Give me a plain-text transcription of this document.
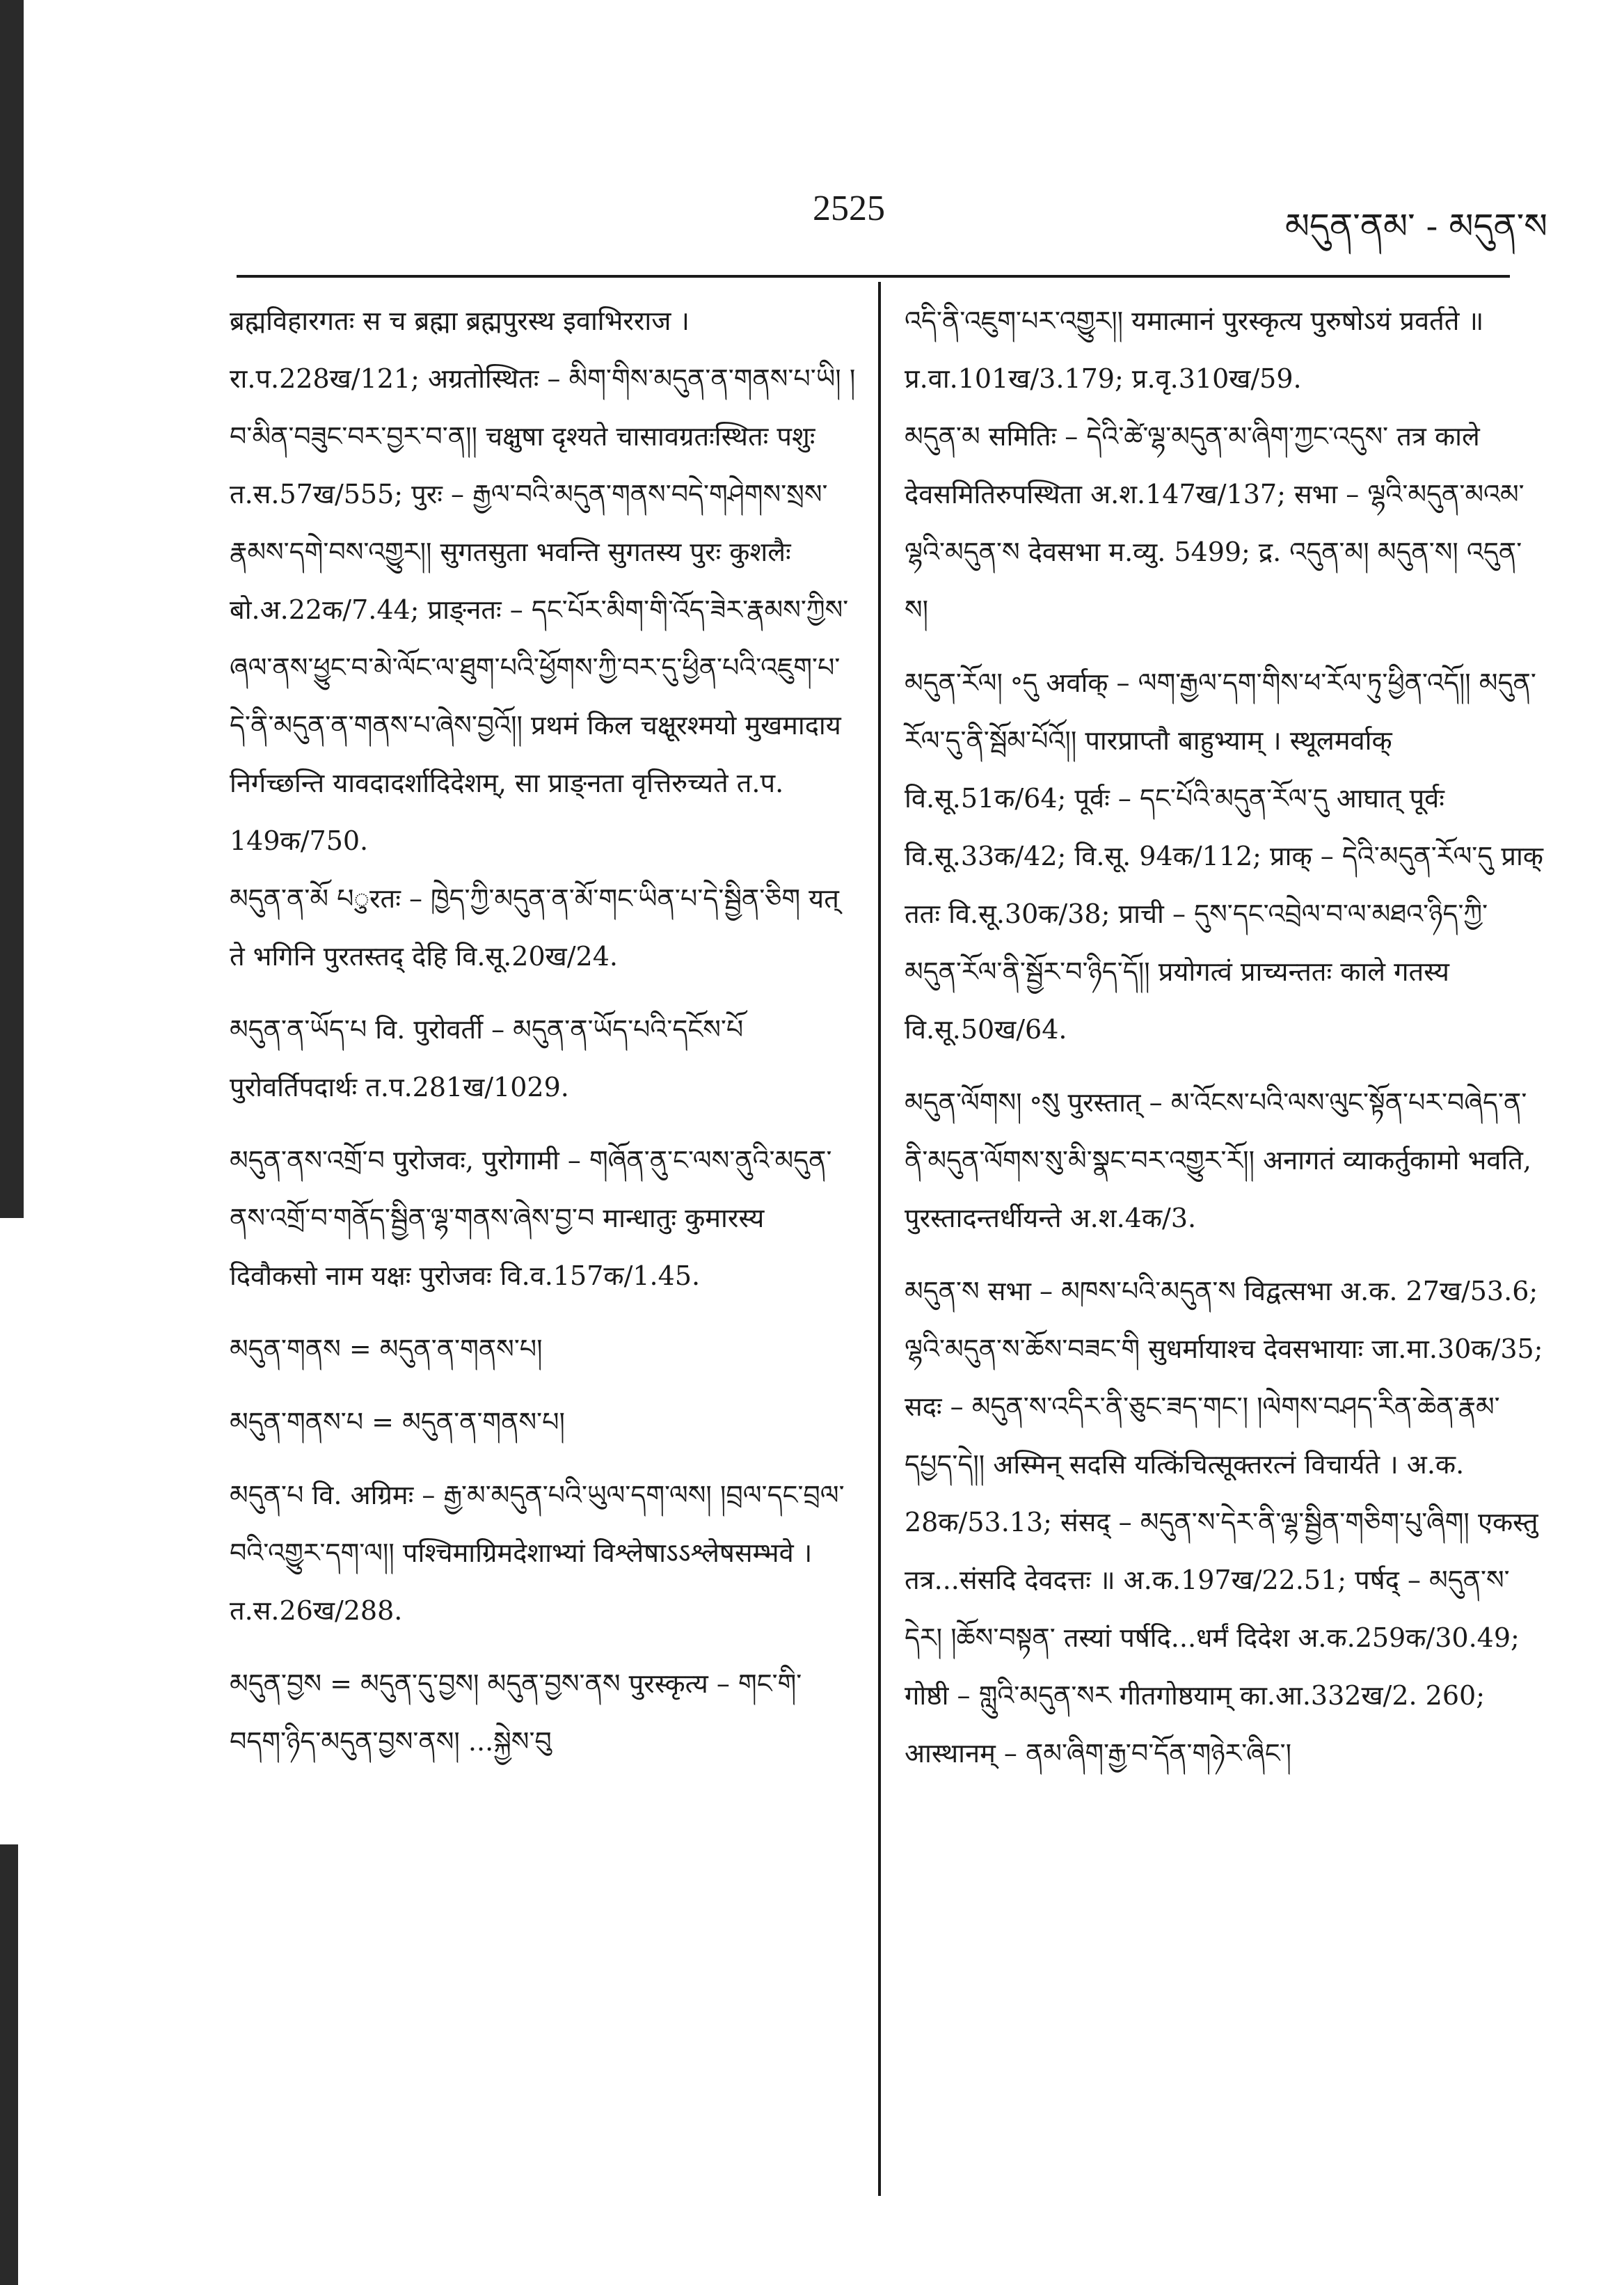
2525	མདུན་ནམ་ - མདུན་ས

ब्रह्मविहारगतः स च ब्रह्मा ब्रह्मपुरस्थ इवाभिरराज । रा.प.228ख/121; अग्रतोस्थितः – མིག་གིས་མདུན་ན་གནས་པ་ཡི། །བ་མིན་བཟུང་བར་བྱར་བ་ན།། चक्षुषा दृश्यते चासावग्रतःस्थितः पशुः त.स.57ख/555; पुरः – རྒྱལ་བའི་མདུན་གནས་བདེ་གཤེགས་སྲས་རྣམས་དགེ་བས་འགྱུར།། सुगतसुता भवन्ति सुगतस्य पुरः कुशलैः बो.अ.22क/7.44; प्राङ्नतः – དང་པོར་མིག་གི་འོད་ཟེར་རྣམས་ཀྱིས་ཞལ་ནས་ཕྱུང་བ་མེ་ལོང་ལ་ཐུག་པའི་ཕྱོགས་ཀྱི་བར་དུ་ཕྱིན་པའི་འཇུག་པ་དེ་ནི་མདུན་ན་གནས་པ་ཞེས་བྱའོ།། प्रथमं किल चक्षूरश्मयो मुखमादाय निर्गच्छन्ति यावदादर्शादिदेशम्, सा प्राङ्नता वृत्तिरुच्यते त.प. 149क/750.

མདུན་ན་མོ པुरतः – ཁྱེད་ཀྱི་མདུན་ན་མོ་གང་ཡིན་པ་དེ་སྦྱིན་ཅིག यत् ते भगिनि पुरतस्तद् देहि वि.सू.20ख/24.

མདུན་ན་ཡོད་པ वि. पुरोवर्ती – མདུན་ན་ཡོད་པའི་དངོས་པོ पुरोवर्तिपदार्थः त.प.281ख/1029.

མདུན་ནས་འགྲོ་བ पुरोजवः, पुरोगामी – གཞོན་ནུ་ང་ལས་ནུའི་མདུན་ནས་འགྲོ་བ་གནོད་སྦྱིན་ལྷ་གནས་ཞེས་བྱ་བ मान्धातुः कुमारस्य दिवौकसो नाम यक्षः पुरोजवः वि.व.157क/1.45.

མདུན་གནས = མདུན་ན་གནས་པ།

མདུན་གནས་པ = མདུན་ན་གནས་པ།

མདུན་པ वि. अग्रिमः – རྒྱ་མ་མདུན་པའི་ཡུལ་དག་ལས། །བྲལ་དང་བྲལ་བའི་འགྱུར་དག་ལ།། पश्चिमाग्रिमदेशाभ्यां विश्लेषाऽऽश्लेषसम्भवे । त.स.26ख/288.

མདུན་བྱས = མདུན་དུ་བྱས། མདུན་བྱས་ནས पुरस्कृत्य – གང་གི་བདག་ཉིད་མདུན་བྱས་ནས། ...སྐྱེས་བུ

འདི་ནི་འཇུག་པར་འགྱུར།། यमात्मानं पुरस्कृत्य पुरुषोऽयं प्रवर्तते ॥ प्र.वा.101ख/3.179; प्र.वृ.310ख/59.

མདུན་མ समितिः – དེའི་ཚེ་ལྷ་མདུན་མ་ཞིག་ཀྱང་འདུས་ तत्र काले देवसमितिरुपस्थिता अ.श.147ख/137; सभा – ལྷའི་མདུན་མའམ་ལྷའི་མདུན་ས देवसभा म.व्यु. 5499; द्र. འདུན་མ། མདུན་ས། འདུན་ས།

མདུན་རོལ། ॰དུ अर्वाक् – ལག་རྒྱལ་དག་གིས་ཕ་རོལ་ཏུ་ཕྱིན་འདོ།། མདུན་རོལ་དུ་ནི་སྦོམ་པོའོ།། पारप्राप्तौ बाहुभ्याम् । स्थूलमर्वाक् वि.सू.51क/64; पूर्वः – དང་པོའི་མདུན་རོལ་དུ आघात् पूर्वः वि.सू.33क/42; वि.सू. 94क/112; प्राक् – དེའི་མདུན་རོལ་དུ प्राक् ततः वि.सू.30क/38; प्राची – དུས་དང་འབྲེལ་བ་ལ་མཐའ་ཉིད་ཀྱི་མདུན་རོལ་ནི་སྦྱོར་བ་ཉིད་དོ།། प्रयोगत्वं प्राच्यन्ततः काले गतस्य वि.सू.50ख/64.

མདུན་ལོགས། ॰སུ पुरस्तात् – མ་འོངས་པའི་ལས་ལུང་སྟོན་པར་བཞེད་ན་ནི་མདུན་ལོགས་སུ་མི་སྣང་བར་འགྱུར་རོ།། अनागतं व्याकर्तुकामो भवति, पुरस्तादन्तर्धीयन्ते अ.श.4क/3.

མདུན་ས सभा – མཁས་པའི་མདུན་ས विद्वत्सभा अ.क. 27ख/53.6; ལྷའི་མདུན་ས་ཆོས་བཟང་གི सुधर्मायाश्च देवसभायाः जा.मा.30क/35; सदः – མདུན་ས་འདིར་ནི་ཅུང་ཟད་གང་། །ལེགས་བཤད་རིན་ཆེན་རྣམ་དཔྱད་དེ།། अस्मिन् सदसि यत्किंचित्सूक्तरत्नं विचार्यते । अ.क. 28क/53.13; संसद् – མདུན་ས་དེར་ནི་ལྷ་སྦྱིན་གཅིག་པུ་ཞིག། एकस्तु तत्र...संसदि देवदत्तः ॥ अ.क.197ख/22.51; पर्षद् – མདུན་ས་དེར། །ཆོས་བསྟན་ तस्यां पर्षदि...धर्मं दिदेश अ.क.259क/30.49; गोष्ठी – གླུའི་མདུན་སར गीतगोष्ठयाम् का.आ.332ख/2. 260; आस्थानम् – ནམ་ཞིག་རྒྱ་བ་དོན་གཉེར་ཞིང་།
